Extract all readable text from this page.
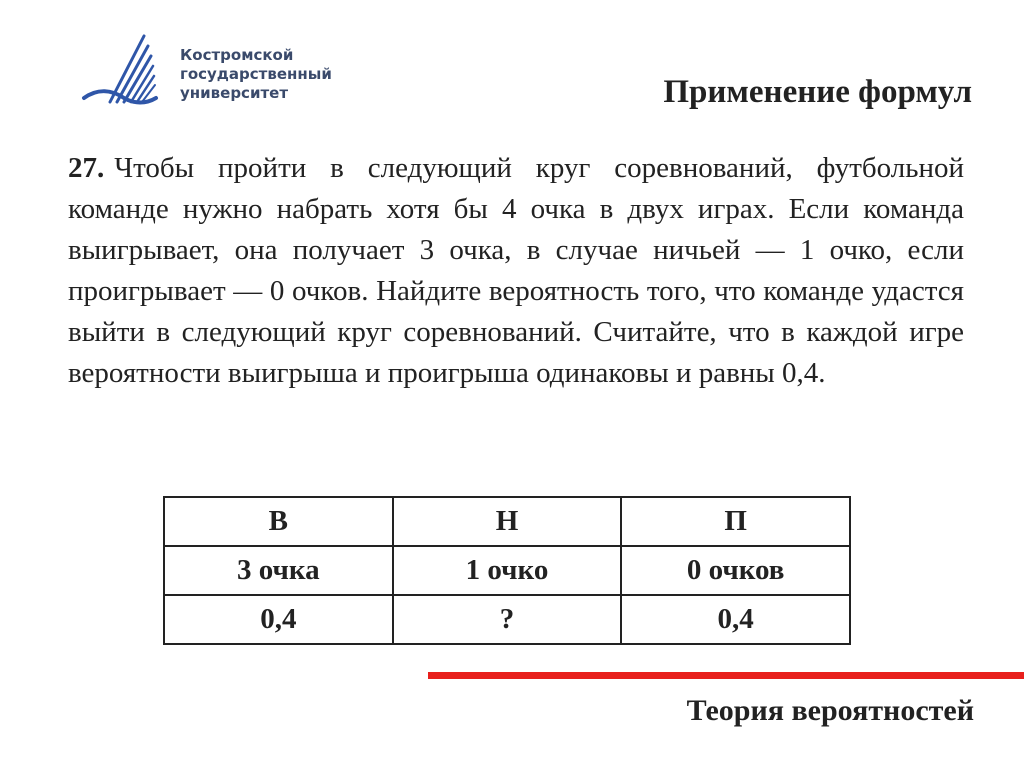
Костромской
государственный
университет	Применение формул
27. Чтобы пройти в следующий круг соревнований, футбольной команде нужно набрать хотя бы 4 очка в двух играх. Если команда выигрывает, она получает 3 очка, в случае ничьей — 1 очко, если проигрывает — 0 очков. Найдите вероятность того, что команде удастся выйти в следующий круг соревнований. Считайте, что в каждой игре вероятности выигрыша и проигрыша одинаковы и равны 0,4.
В	Н	П
3 очка	1 очко	0 очков
0,4	?	0,4
Теория вероятностей
